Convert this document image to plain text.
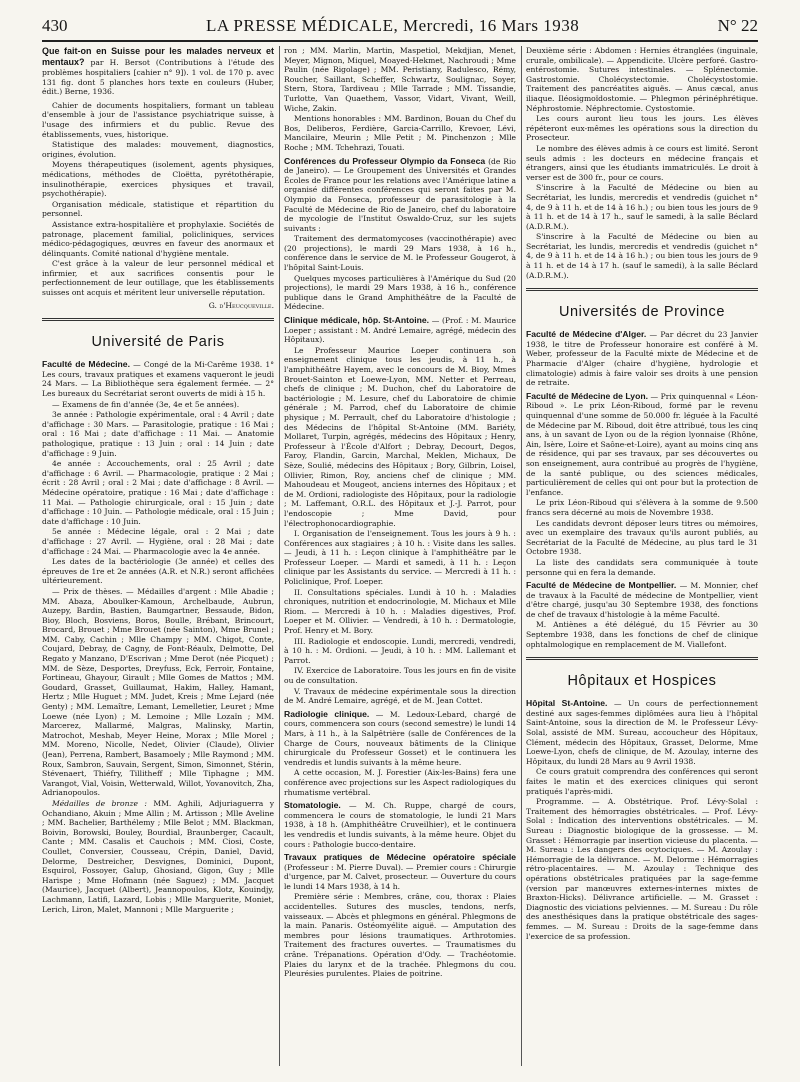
430	LA PRESSE MÉDICALE, Mercredi, 16 Mars 1938	N° 22

Que fait-on en Suisse pour les malades nerveux et mentaux? par H. Bersot (Contributions à l'étude des problèmes hospitaliers [cahier n° 9]). 1 vol. de 170 p. avec 131 fig. dont 5 planches hors texte en couleurs (Huber, édit.) Berne, 1936.

Cahier de documents hospitaliers, formant un tableau d'ensemble à jour de l'assistance psychiatrique suisse, à l'usage des infirmiers et du public. Revue des établissements, vues, historique.

Statistique des malades: mouvement, diagnostics, origines, évolution.

Moyens thérapeutiques (isolement, agents physiques, médications, méthodes de Cloëtta, pyrétothérapie, insulinothérapie, exercices physiques et travail, psychothérapie).

Organisation médicale, statistique et répartition du personnel.

Assistance extra-hospitalière et prophylaxie. Sociétés de patronage, placement familial, policliniques, services médico-pédagogiques, œuvres en faveur des anormaux et délinquants. Comité national d'hygiène mentale.

C'est grâce à la valeur de leur personnel médical et infirmier, et aux sacrifices consentis pour le perfectionnement de leur outillage, que les établissements suisses ont acquis et méritent leur universelle réputation.

G. d'Heucqueville.
Université de Paris

Faculté de Médecine. — Congé de la Mi-Carême 1938. 1° Les cours, travaux pratiques et examens vaqueront le jeudi 24 Mars. — La Bibliothèque sera également fermée. — 2° Les bureaux du Secrétariat seront ouverts de midi à 15 h.

— Examens de fin d'année (3e, 4e et 5e années).

3e année : Pathologie expérimentale, oral : 4 Avril ; date d'affichage : 30 Mars. — Parasitologie, pratique : 16 Mai ; oral : 16 Mai ; date d'affichage : 11 Mai. — Anatomie pathologique, pratique : 13 Juin ; oral : 14 Juin ; date d'affichage : 9 Juin.

4e année : Accouchements, oral : 25 Avril ; date d'affichage : 6 Avril. — Pharmacologie, pratique : 2 Mai ; écrit : 28 Avril ; oral : 2 Mai ; date d'affichage : 8 Avril. — Médecine opératoire, pratique : 16 Mai ; date d'affichage : 11 Mai. — Pathologie chirurgicale, oral : 15 Juin ; date d'affichage : 10 Juin. — Pathologie médicale, oral : 15 Juin ; date d'affichage : 10 Juin.

5e année : Médecine légale, oral : 2 Mai ; date d'affichage : 27 Avril. — Hygiène, oral : 28 Mai ; date d'affichage : 24 Mai. — Pharmacologie avec la 4e année.

Les dates de la bactériologie (3e année) et celles des épreuves de 1re et 2e années (A.R. et N.R.) seront affichées ultérieurement.

— Prix de thèses. — Médailles d'argent : Mlle Abadie ; MM. Abaza, Aboulker-Kamoun, Archelbaude, Aubrun, Auzepy, Bardin, Bastien, Baumgartner, Bessaude, Bidon, Bioy, Bloch, Bosviens, Boros, Boulle, Brébant, Brincourt, Brocard, Brouet ; Mme Brouet (née Sainton), Mme Brunel ; MM. Caby, Cachin ; Mlle Champy ; MM. Chigot, Conte, Coujard, Debray, de Cagny, de Font-Réaulx, Delmotte, Del Regato y Manzano, D'Escrivan ; Mme Derot (née Picquet) ; MM. de Sèze, Desportes, Dreyfuss, Eck, Ferroir, Fontaine, Fortineau, Ghayour, Girault ; Mlle Gomes de Mattos ; MM. Goudard, Grasset, Guillaumat, Hakim, Halley, Hamant, Hertz ; Mlle Huguet ; MM. Judet, Kreis ; Mme Lejard (née Genty) ; MM. Lemaître, Lemant, Lemelletier, Leuret ; Mme Loewe (née Lyon) ; M. Lemoine ; Mlle Lozaïn ; MM. Marcerez, Mallarmé, Malgras, Malinsky, Martin, Matrochot, Meshab, Meyer Heine, Morax ; Mlle Morel ; MM. Moreno, Nicolle, Nedet, Olivier (Claude), Olivier (Jean), Perrena, Rambert, Basamoely ; Mlle Raymond ; MM. Roux, Sambron, Sauvain, Sergent, Simon, Simonnet, Stérin, Stévenaert, Thiéfry, Tillitheff ; Mlle Tiphagne ; MM. Varangot, Vial, Voisin, Wetterwald, Willot, Yovanovitch, Zha, Adrianopoulos.

Médailles de bronze : MM. Aghili, Adjuriaguerra y Ochandiano, Akuin ; Mme Allin ; M. Artisson ; Mlle Aveline ; MM. Bachelier, Barthélemy ; Mlle Belot ; MM. Blackman, Boivin, Borowski, Bouley, Bourdial, Braunberger, Cacault, Cante ; MM. Casalis et Cauchois ; MM. Ciosi, Coste, Coullet, Conversier, Cousseau, Crépin, Daniel, David, Delorme, Destreicher, Desvignes, Dominici, Dupont, Esquirol, Fossoyer, Galup, Ghosiand, Gigon, Guy ; Mlle Harispe ; Mme Hofmann (née Saguez) ; MM. Jacquet (Maurice), Jacquet (Albert), Jeannopoulos, Klotz, Kouindjy, Lachmann, Latifi, Lazard, Lobis ; Mlle Marguerite, Moniet, Lerich, Liron, Malet, Mannoni ; Mlle Marguerite ;

ron ; MM. Marlin, Martin, Maspetiol, Mekdjian, Menet, Meyer, Mignon, Miquel, Moayed-Hekmet, Nachroudi ; Mme Paulin (née Rigolage) ; MM. Peristiany, Radulesco, Rémy, Roucher, Saillant, Scheffer, Schwartz, Soulignac, Soyer, Stern, Stora, Tardiveau ; Mlle Tarrade ; MM. Tissandie, Turlotte, Van Quaethem, Vassor, Vidart, Vivant, Weill, Wiche, Zakin.

Mentions honorables : MM. Bardinon, Bouan du Chef du Bos, Deliberos, Ferdière, Garcia-Carrillo, Krevoer, Lévi, Mancilaire, Meurin ; Mlle Petit ; M. Pinchenzon ; Mlle Roche ; MM. Tchehrazi, Touati.

Conférences du Professeur Olympio da Fonseca (de Rio de Janeiro). — Le Groupement des Universités et Grandes Écoles de France pour les relations avec l'Amérique latine a organisé différentes conférences qui seront faites par M. Olympio da Fonseca, professeur de parasitologie à la Faculté de Médecine de Rio de Janeiro, chef du laboratoire de mycologie de l'Institut Oswaldo-Cruz, sur les sujets suivants :

Traitement des dermatomycoses (vaccinothérapie) avec (20 projections), le mardi 29 Mars 1938, à 16 h., conférence dans le service de M. le Professeur Gougerot, à l'hôpital Saint-Louis.

Quelques mycoses particulières à l'Amérique du Sud (20 projections), le mardi 29 Mars 1938, à 16 h., conférence publique dans le Grand Amphithéâtre de la Faculté de Médecine.

Clinique médicale, hôp. St-Antoine. — (Prof. : M. Maurice Loeper ; assistant : M. André Lemaire, agrégé, médecin des Hôpitaux).

Le Professeur Maurice Loeper continuera son enseignement clinique tous les jeudis, à 11 h., à l'amphithéâtre Hayem, avec le concours de M. Bioy, Mmes Brouet-Sainton et Loewe-Lyon, MM. Netter et Perreau, chefs de clinique ; M. Duchon, chef du Laboratoire de bactériologie ; M. Lesure, chef du Laboratoire de chimie générale ; M. Parrod, chef du Laboratoire de chimie physique ; M. Perrault, chef du Laboratoire d'histologie ; des Médecins de l'hôpital St-Antoine (MM. Bariéty, Mollaret, Turpin, agrégés, médecins des Hôpitaux ; Henry, Professeur à l'École d'Alfort ; Debray, Decourt, Degos, Faroy, Flandin, Garcin, Marchal, Meklen, Michaux, De Sèze, Soulié, médecins des Hôpitaux ; Bory, Gilbrin, Loisel, Ollivier, Rimon, Roy, anciens chef de clinique ; MM. Mahoudeau et Mougeot, anciens internes des Hôpitaux ; et de M. Ordioni, radiologiste des Hôpitaux, pour la radiologie ; M. Laffemant, O.R.L. des Hôpitaux et J.-J. Parrot, pour l'endoscopie ; Mme David, pour l'électrophonocardiographie.

I. Organisation de l'enseignement. Tous les jours à 9 h. : Conférences aux stagiaires ; à 10 h. : Visite dans les salles. — Jeudi, à 11 h. : Leçon clinique à l'amphithéâtre par le Professeur Loeper. — Mardi et samedi, à 11 h. : Leçon clinique par les Assistants du service. — Mercredi à 11 h. : Policlinique, Prof. Loeper.

II. Consultations spéciales. Lundi à 10 h. : Maladies chroniques, nutrition et endocrinologie, M. Michaux et Mlle Riom. — Mercredi à 10 h. : Maladies digestives, Prof. Loeper et M. Ollivier. — Vendredi, à 10 h. : Dermatologie, Prof. Henry et M. Bory.

III. Radiologie et endoscopie. Lundi, mercredi, vendredi, à 10 h. : M. Ordioni. — Jeudi, à 10 h. : MM. Lallemant et Parrot.

IV. Exercice de Laboratoire. Tous les jours en fin de visite ou de consultation.

V. Travaux de médecine expérimentale sous la direction de M. André Lemaire, agrégé, et de M. Jean Cottet.

Radiologie clinique. — M. Ledoux-Lebard, chargé de cours, commencera son cours (second semestre) le lundi 14 Mars, à 11 h., à la Salpêtrière (salle de Conférences de la Charge de Cours, nouveaux bâtiments de la Clinique chirurgicale du Professeur Gosset) et le continuera les vendredis et lundis suivants à la même heure.

A cette occasion, M. J. Forestier (Aix-les-Bains) fera une conférence avec projections sur les Aspect radiologiques du rhumatisme vertébral.

Stomatologie. — M. Ch. Ruppe, chargé de cours, commencera le cours de stomatologie, le lundi 21 Mars 1938, à 18 h. (Amphithéâtre Cruveilhier), et le continuera les vendredis et lundis suivants, à la même heure. Objet du cours : Pathologie bucco-dentaire.

Travaux pratiques de Médecine opératoire spéciale (Professeur : M. Pierre Duval). — Premier cours : Chirurgie d'urgence, par M. Calvet, prosecteur. — Ouverture du cours le lundi 14 Mars 1938, à 14 h.

Première série : Membres, crâne, cou, thorax : Plaies accidentelles. Sutures des muscles, tendons, nerfs, vaisseaux. — Abcès et phlegmons en général. Phlegmons de la main. Panaris. Ostéomyélite aiguë. — Amputation des membres pour lésions traumatiques. Arthrotomies. Traitement des fractures ouvertes. — Traumatismes du crâne. Trépanations. Opération d'Ody. — Trachéotomie. Plaies du larynx et de la trachée. Phlegmons du cou. Pleurésies purulentes. Plaies de poitrine.

Deuxième série : Abdomen : Hernies étranglées (inguinale, crurale, ombilicale). — Appendicite. Ulcère perforé. Gastro-entérostomie. Sutures intestinales. — Splénectomie. Gastrostomie. Cholécystectomie. Cholécystostomie. Traitement des pancréatites aiguës. — Anus cæcal, anus iliaque. Iléosigmoïdostomie. — Phlegmon périnéphrétique. Néphrostomie. Néphrectomie. Cystostomie.

Les cours auront lieu tous les jours. Les élèves répéteront eux-mêmes les opérations sous la direction du Prosecteur.

Le nombre des élèves admis à ce cours est limité. Seront seuls admis : les docteurs en médecine français et étrangers, ainsi que les étudiants immatriculés. Le droit à verser est de 300 fr., pour ce cours.

S'inscrire à la Faculté de Médecine ou bien au Secrétariat, les lundis, mercredis et vendredis (guichet n° 4, de 9 à 11 h. et de 14 à 16 h.) ; ou bien tous les jours de 9 à 11 h. et de 14 à 17 h., sauf le samedi, à la salle Béclard (A.D.R.M.).

S'inscrire à la Faculté de Médecine ou bien au Secrétariat, les lundis, mercredis et vendredis (guichet n° 4, de 9 à 11 h. et de 14 à 16 h.) ; ou bien tous les jours de 9 à 11 h. et de 14 à 17 h. (sauf le samedi), à la salle Béclard (A.D.R.M.).

Universités de Province

Faculté de Médecine d'Alger. — Par décret du 23 Janvier 1938, le titre de Professeur honoraire est conféré à M. Weber, professeur de la Faculté mixte de Médecine et de Pharmacie d'Alger (chaire d'hygiène, hydrologie et climatologie) admis à faire valoir ses droits à une pension de retraite.

Faculté de Médecine de Lyon. — Prix quinquennal « Léon-Riboud ». Le prix Léon-Riboud, formé par le revenu quinquennal d'une somme de 50.000 fr. léguée à la Faculté de Médecine par M. Riboud, doit être attribué, tous les cinq ans, à un savant de Lyon ou de la région lyonnaise (Rhône, Ain, Isère, Loire et Saône-et-Loire), ayant au moins cinq ans de résidence, qui par ses travaux, par ses découvertes ou son enseignement, aura contribué au progrès de l'hygiène, de la santé publique, ou des sciences médicales, particulièrement de celles qui ont pour but la protection de l'enfance.

Le prix Léon-Riboud qui s'élèvera à la somme de 9.500 francs sera décerné au mois de Novembre 1938.

Les candidats devront déposer leurs titres ou mémoires, avec un exemplaire des travaux qu'ils auront publiés, au Secrétariat de la Faculté de Médecine, au plus tard le 31 Octobre 1938.

La liste des candidats sera communiquée à toute personne qui en fera la demande.

Faculté de Médecine de Montpellier. — M. Monnier, chef de travaux à la Faculté de médecine de Montpellier, vient d'être chargé, jusqu'au 30 Septembre 1938, des fonctions de chef de travaux d'histologie à la même Faculté.

M. Antiènes a été délégué, du 15 Février au 30 Septembre 1938, dans les fonctions de chef de clinique ophtalmologique en remplacement de M. Viallefont.

Hôpitaux et Hospices

Hôpital St-Antoine. — Un cours de perfectionnement destiné aux sages-femmes diplômées aura lieu à l'hôpital Saint-Antoine, sous la direction de M. le Professeur Lévy-Solal, assisté de MM. Sureau, accoucheur des Hôpitaux, Clément, médecin des Hôpitaux, Grasset, Delorme, Mme Loewe-Lyon, chefs de clinique, de M. Azoulay, interne des Hôpitaux, du lundi 28 Mars au 9 Avril 1938.

Ce cours gratuit comprendra des conférences qui seront faites le matin et des exercices cliniques qui seront pratiqués l'après-midi.

Programme. — A. Obstétrique. Prof. Lévy-Solal : Traitement des hémorragies obstétricales. — Prof. Lévy-Solal : Indication des interventions obstétricales. — M. Sureau : Diagnostic biologique de la grossesse. — M. Grasset : Hémorragie par insertion vicieuse du placenta. — M. Sureau : Les dangers des ocytociques. — M. Azoulay : Hémorragie de la délivrance. — M. Delorme : Hémorragies rétro-placentaires. — M. Azoulay : Technique des opérations obstétricales pratiquées par la sage-femme (version par manœuvres externes-internes mixtes de Braxton-Hicks). Délivrance artificielle. — M. Grasset : Diagnostic des viciations pelviennes. — M. Sureau : Du rôle des anesthésiques dans la pratique obstétricale des sages-femmes. — M. Sureau : Droits de la sage-femme dans l'exercice de sa profession.
